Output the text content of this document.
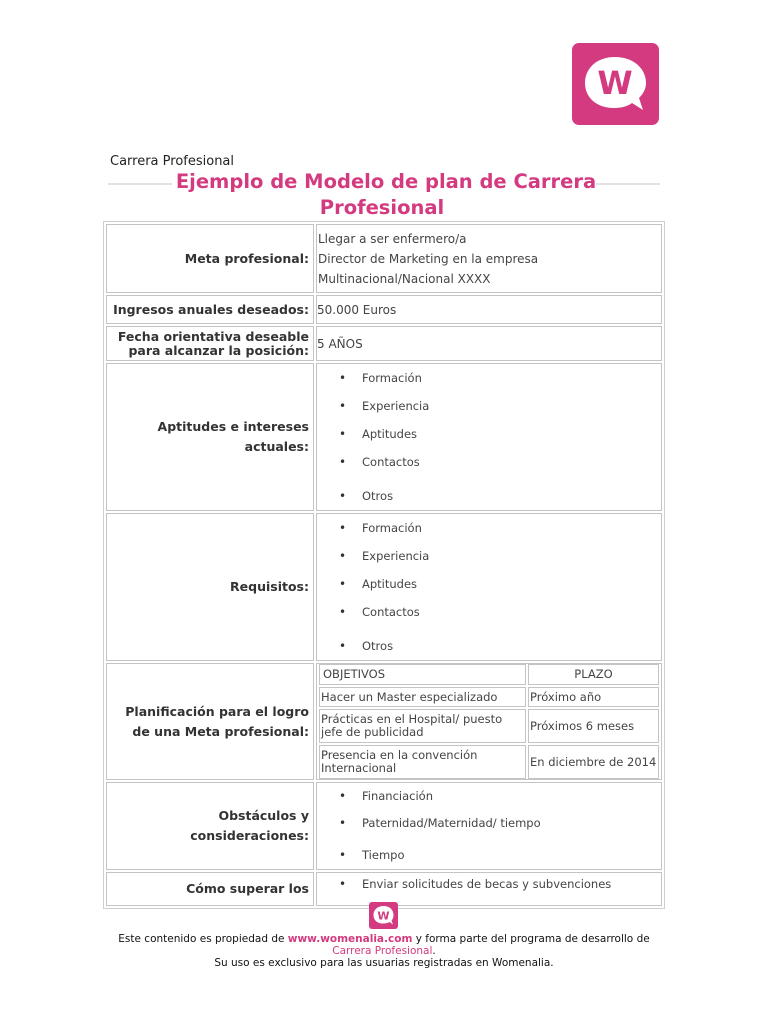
W
Carrera Profesional
Ejemplo de Modelo de plan de Carrera Profesional
Meta profesional:	
Llegar a ser enfermero/a
Director de Marketing en la empresa
Multinacional/Nacional XXXX

Ingresos anuales deseados:	50.000 Euros

Fecha orientativa deseable
para alcanzar la posición:	5 AÑOS

Aptitudes e intereses
actuales:

• Formación
• Experiencia
• Aptitudes
• Contactos
• Otros

Requisitos:	
• Formación
• Experiencia
• Aptitudes
• Contactos
• Otros

Planificación para el logro
de una Meta profesional:

OBJETIVOS	PLAZO
Hacer un Master especializado	Próximo año
Prácticas en el Hospital/ puesto jefe de publicidad	Próximos 6 meses
Presencia en la convención Internacional	En diciembre de 2014

Obstáculos y
consideraciones:

• Financiación
• Paternidad/Maternidad/ tiempo
• Tiempo

Cómo superar los	
•Enviar solicitudes de becas y subvenciones
W
Este contenido es propiedad de www.womenalia.com y forma parte del programa de desarrollo de
Carrera Profesional.
Su uso es exclusivo para las usuarias registradas en Womenalia.
